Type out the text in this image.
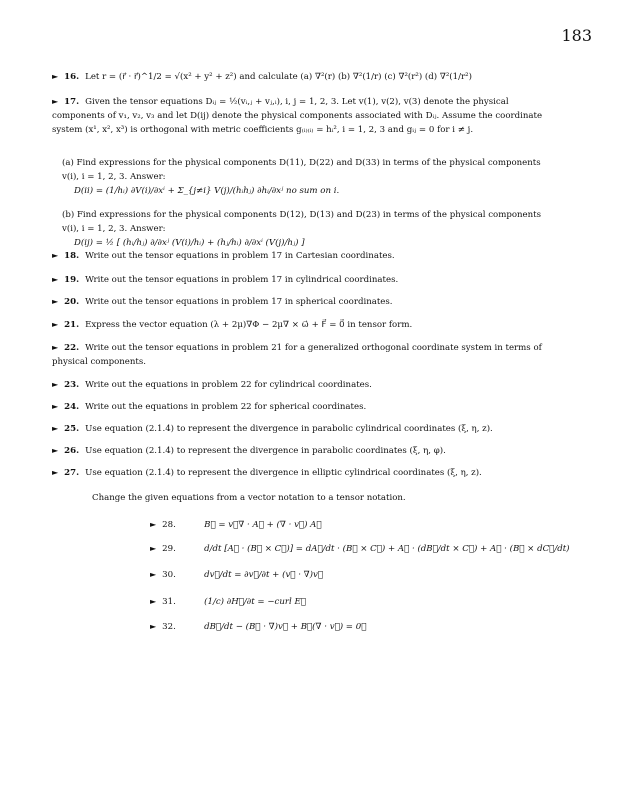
183
► 16. Let r = (r⃗ · r⃗)^1/2 = √(x² + y² + z²) and calculate (a) ∇²(r) (b) ∇²(1/r) (c) ∇²(r²) (d) ∇²(1/r²)
► 17. Given the tensor equations Dᵢⱼ = ½(vᵢ,ⱼ + vⱼ,ᵢ), i, j = 1, 2, 3. Let v(1), v(2), v(3) denote the physical components of v₁, v₂, v₃ and let D(ij) denote the physical components associated with Dᵢⱼ. Assume the coordinate system (x¹, x², x³) is orthogonal with metric coefficients g₍ᵢ₎₍ᵢ₎ = hᵢ², i = 1, 2, 3 and gᵢⱼ = 0 for i ≠ j.
(a) Find expressions for the physical components D(11), D(22) and D(33) in terms of the physical components v(i), i = 1, 2, 3. Answer:
D(ii) = (1/hᵢ) ∂V(i)/∂xⁱ + Σ_{j≠i} V(j)/(hᵢhⱼ) ∂hᵢ/∂xʲ no sum on i.
(b) Find expressions for the physical components D(12), D(13) and D(23) in terms of the physical components v(i), i = 1, 2, 3. Answer:
D(ij) = ½ [ (hᵢ/hⱼ) ∂/∂xʲ (V(i)/hᵢ) + (hⱼ/hᵢ) ∂/∂xⁱ (V(j)/hⱼ) ]
► 18. Write out the tensor equations in problem 17 in Cartesian coordinates.
► 19. Write out the tensor equations in problem 17 in cylindrical coordinates.
► 20. Write out the tensor equations in problem 17 in spherical coordinates.
► 21. Express the vector equation (λ + 2μ)∇Φ − 2μ∇ × ω⃗ + F⃗ = 0⃗ in tensor form.
► 22. Write out the tensor equations in problem 21 for a generalized orthogonal coordinate system in terms of physical components.
► 23. Write out the equations in problem 22 for cylindrical coordinates.
► 24. Write out the equations in problem 22 for spherical coordinates.
► 25. Use equation (2.1.4) to represent the divergence in parabolic cylindrical coordinates (ξ, η, z).
► 26. Use equation (2.1.4) to represent the divergence in parabolic coordinates (ξ, η, φ).
► 27. Use equation (2.1.4) to represent the divergence in elliptic cylindrical coordinates (ξ, η, z).
Change the given equations from a vector notation to a tensor notation.
► 28.	B⃗ = v⃗∇ · A⃗ + (∇ · v⃗) A⃗
► 29.	d/dt [A⃗ · (B⃗ × C⃗)] = dA⃗/dt · (B⃗ × C⃗) + A⃗ · (dB⃗/dt × C⃗) + A⃗ · (B⃗ × dC⃗/dt)
► 30.	dv⃗/dt = ∂v⃗/∂t + (v⃗ · ∇)v⃗
► 31.	(1/c) ∂H⃗/∂t = −curl E⃗
► 32.	dB⃗/dt − (B⃗ · ∇)v⃗ + B⃗(∇ · v⃗) = 0⃗
